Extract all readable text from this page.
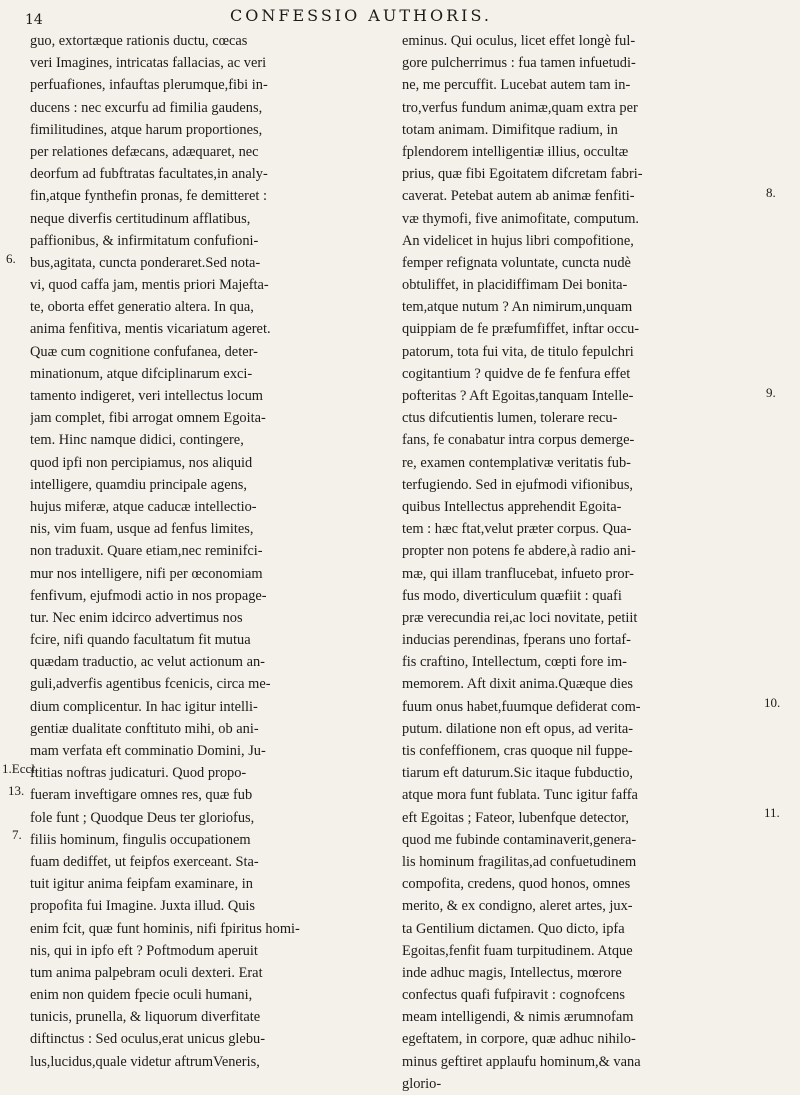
14	CONFESSIO AUTHORIS.
guo, extortæque rationis ductu, cœcas
veri Imagines, intricatas fallacias, ac veri
perfuafiones, infauftas plerumque,fibi in-
ducens : nec excurfu ad fimilia gaudens,
fimilitudines, atque harum proportiones,
per relationes defæcans, adæquaret, nec
deorfum ad fubftratas facultates,in analy-
fin,atque fynthefin pronas, fe demitteret :
neque diverfis certitudinum afflatibus,
paffionibus, & infirmitatum confufioni-
bus,agitata, cuncta ponderaret.Sed nota-
vi, quod caffa jam, mentis priori Majefta-
te, oborta effet generatio altera. In qua,
anima fenfitiva, mentis vicariatum ageret.
Quæ cum cognitione confufanea, deter-
minationum, atque difciplinarum exci-
tamento indigeret, veri intellectus locum
jam complet, fibi arrogat omnem Egoita-
tem. Hinc namque didici, contingere,
quod ipfi non percipiamus, nos aliquid
intelligere, quamdiu principale agens,
hujus miferæ, atque caducæ intellectio-
nis, vim fuam, usque ad fenfus limites,
non traduxit. Quare etiam,nec reminifci-
mur nos intelligere, nifi per œconomiam
fenfivum, ejufmodi actio in nos propage-
tur. Nec enim idcirco advertimus nos
fcire, nifi quando facultatum fit mutua
quædam traductio, ac velut actionum an-
guli,adverfis agentibus fcenicis, circa me-
dium complicentur. In hac igitur intelli-
gentiæ dualitate conftituto mihi, ob ani-
mam verfata eft comminatio Domini, Ju-
ftitias noftras judicaturi. Quod propo-
fueram inveftigare omnes res, quæ fub
fole funt ; Quodque Deus ter gloriofus,
filiis hominum, fingulis occupationem
fuam dediffet, ut feipfos exerceant. Sta-
tuit igitur anima feipfam examinare, in
propofita fui Imagine. Juxta illud. Quis
enim fcit, quæ funt hominis, nifi fpiritus homi-
nis, qui in ipfo eft ? Poftmodum aperuit
tum anima palpebram oculi dexteri. Erat
enim non quidem fpecie oculi humani,
tunicis, prunella, & liquorum diverfitate
diftinctus : Sed oculus,erat unicus glebu-
lus,lucidus,quale videtur aftrumVeneris,
eminus. Qui oculus, licet effet longè ful-
gore pulcherrimus : fua tamen infuetudi-
ne, me percuffit. Lucebat autem tam in-
tro,verfus fundum animæ,quam extra per
totam animam. Dimifitque radium, in
fplendorem intelligentiæ illius, occultæ
prius, quæ fibi Egoitatem difcretam fabri-
caverat. Petebat autem ab animæ fenfiti-
væ thymofi, five animofitate, computum.
An videlicet in hujus libri compofitione,
femper refignata voluntate, cuncta nudè
obtuliffet, in placidiffimam Dei bonita-
tem,atque nutum ? An nimirum,unquam
quippiam de fe præfumfiffet, inftar occu-
patorum, tota fui vita, de titulo fepulchri
cogitantium ? quidve de fe fenfura effet
pofteritas ? Aft Egoitas,tanquam Intelle-
ctus difcutientis lumen, tolerare recu-
fans, fe conabatur intra corpus demerge-
re, examen contemplativæ veritatis fub-
terfugiendo. Sed in ejufmodi vifionibus,
quibus Intellectus apprehendit Egoita-
tem : hæc ftat,velut præter corpus. Qua-
propter non potens fe abdere,à radio ani-
mæ, qui illam tranflucebat, infueto pror-
fus modo, diverticulum quæfiit : quafi
præ verecundia rei,ac loci novitate, petiit
inducias perendinas, fperans uno fortaf-
fis craftino, Intellectum, cœpti fore im-
memorem. Aft dixit anima.Quæque dies
fuum onus habet,fuumque defiderat com-
putum. dilatione non eft opus, ad verita-
tis confeffionem, cras quoque nil fuppe-
tiarum eft daturum.Sic itaque fubductio,
atque mora funt fublata. Tunc igitur faffa
eft Egoitas ; Fateor, lubenfque detector,
quod me fubinde contaminaverit,genera-
lis hominum fragilitas,ad confuetudinem
compofita, credens, quod honos, omnes
merito, & ex condigno, aleret artes, jux-
ta Gentilium dictamen. Quo dicto, ipfa
Egoitas,fenfit fuam turpitudinem. Atque
inde adhuc magis, Intellectus, mœrore
confectus quafi fufpiravit : cognofcens
meam intelligendi, & nimis ærumnofam
egeftatem, in corpore, quæ adhuc nihilo-
minus geftiret applaufu hominum,& vana
glorio-
6.
1.Eccl.
13.
7.
8.
9.
10.
11.
